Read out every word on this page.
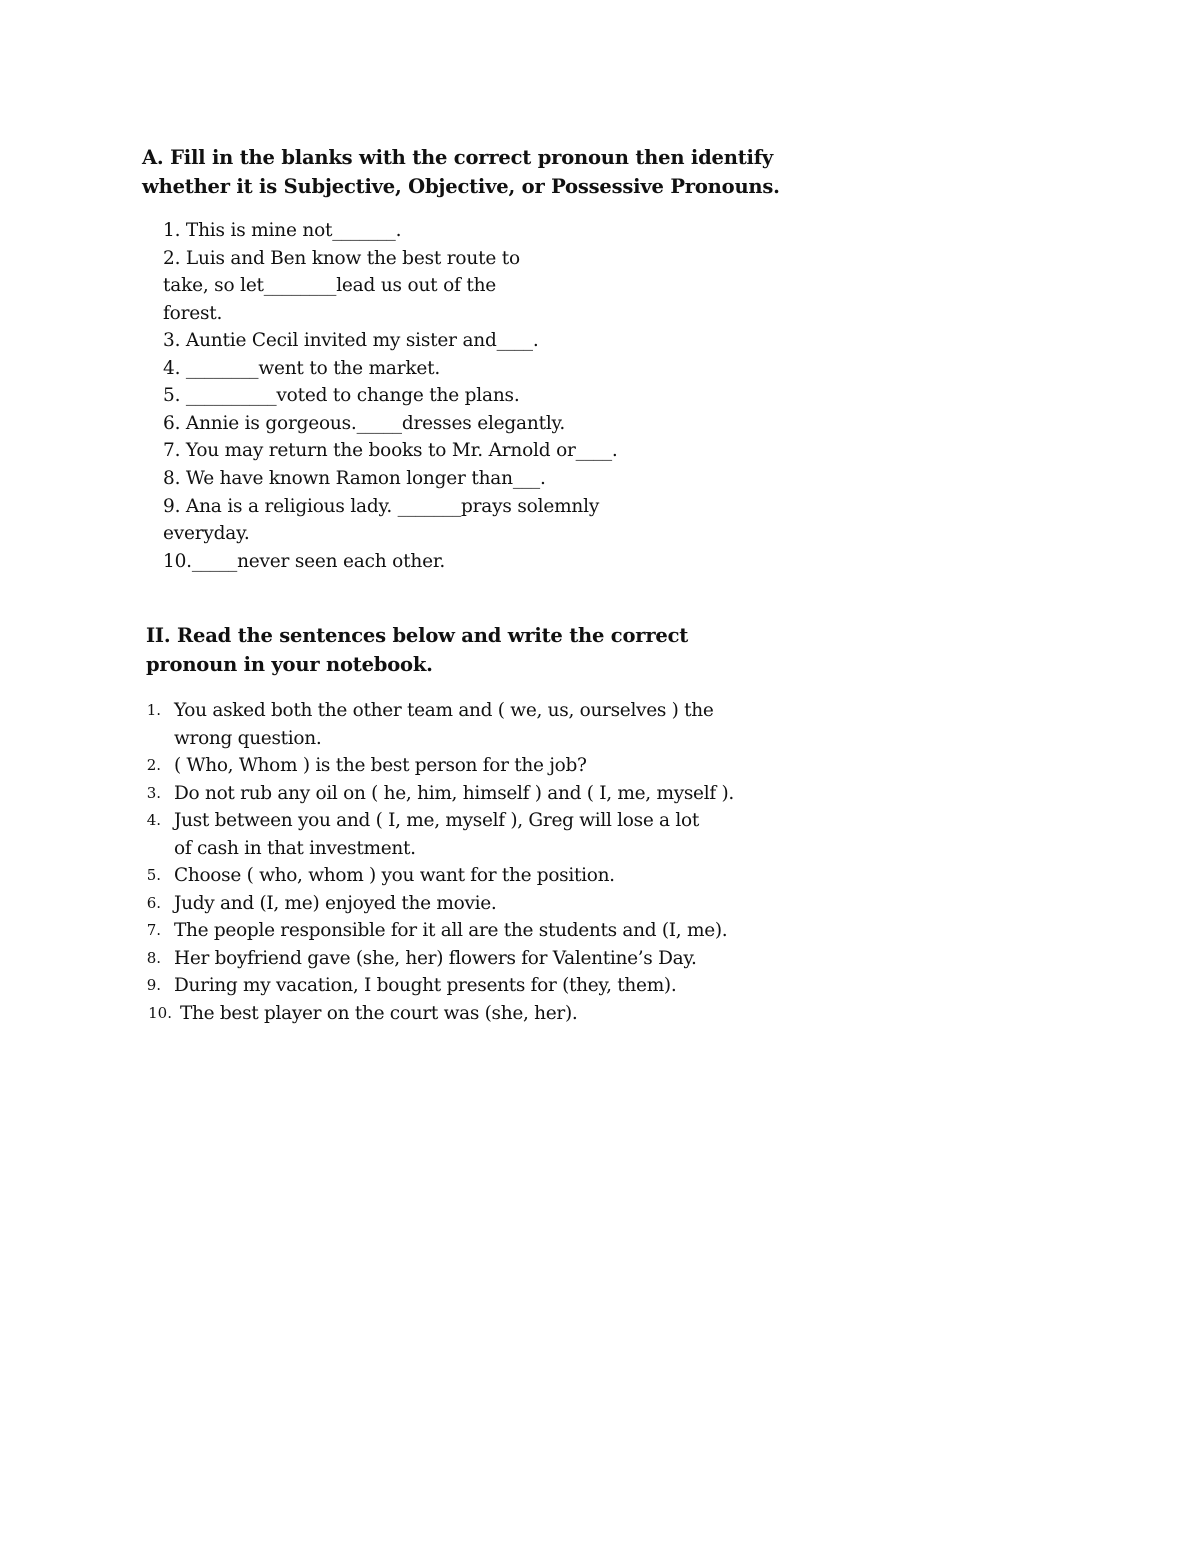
A. Fill in the blanks with the correct pronoun then identify
whether it is Subjective, Objective, or Possessive Pronouns.
1. This is mine not_______.
2. Luis and Ben know the best route to
take, so let________lead us out of the
forest.
3. Auntie Cecil invited my sister and____.
4. ________went to the market.
5. __________voted to change the plans.
6. Annie is gorgeous._____dresses elegantly.
7. You may return the books to Mr. Arnold or____.
8. We have known Ramon longer than___.
9. Ana is a religious lady. _______prays solemnly
everyday.
10._____never seen each other.
II. Read the sentences below and write the correct
pronoun in your notebook.
1. You asked both the other team and ( we, us, ourselves ) the
wrong question.
2. ( Who, Whom ) is the best person for the job?
3. Do not rub any oil on ( he, him, himself ) and ( I, me, myself ).
4. Just between you and ( I, me, myself ), Greg will lose a lot
of cash in that investment.
5. Choose ( who, whom ) you want for the position.
6. Judy and (I, me) enjoyed the movie.
7. The people responsible for it all are the students and (I, me).
8. Her boyfriend gave (she, her) flowers for Valentine’s Day.
9. During my vacation, I bought presents for (they, them).
10. The best player on the court was (she, her).
